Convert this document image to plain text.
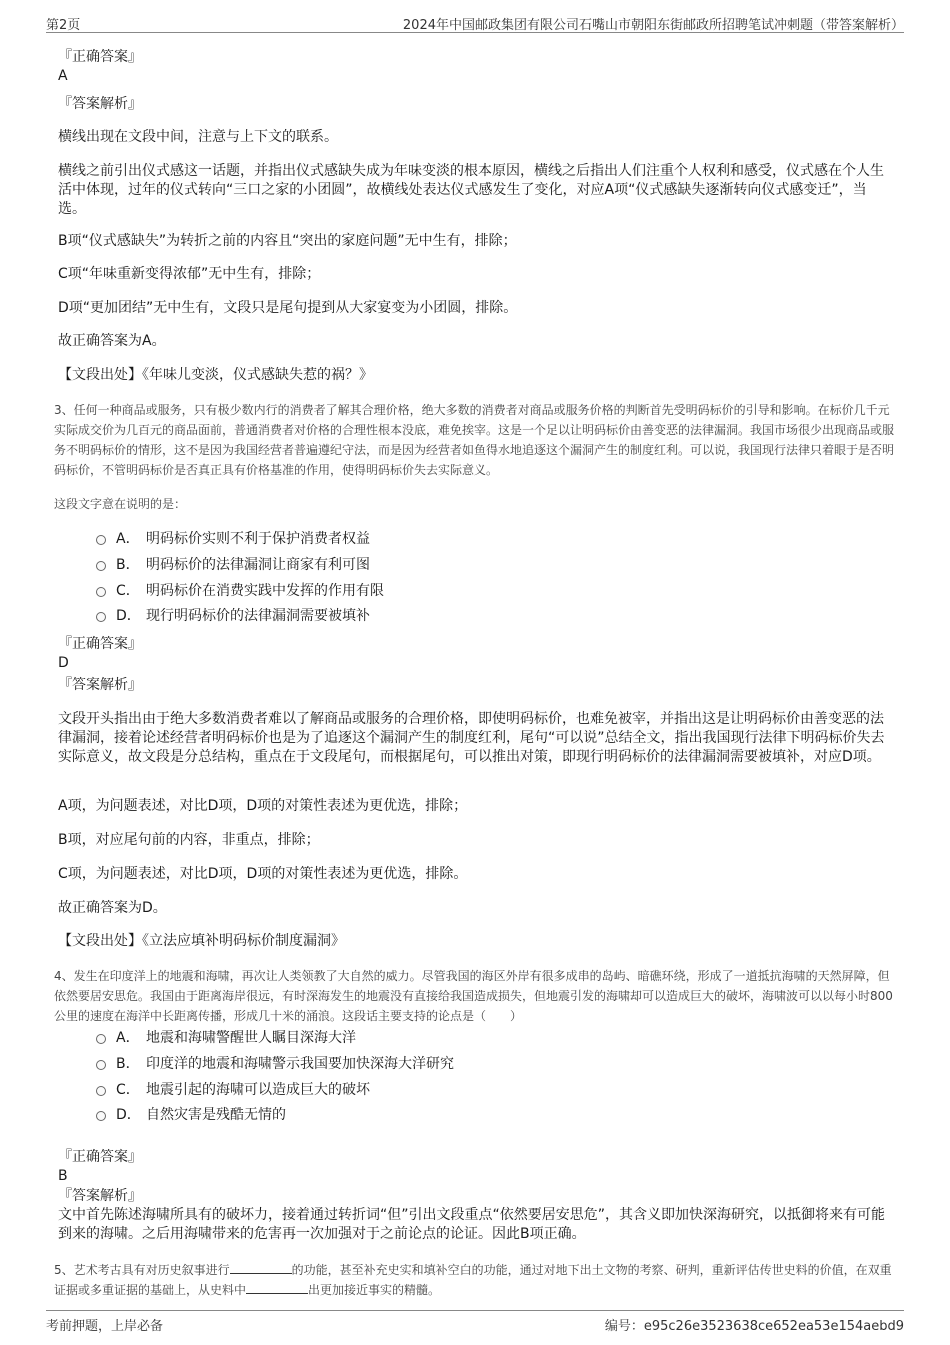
第2页	2024年中国邮政集团有限公司石嘴山市朝阳东街邮政所招聘笔试冲刺题（带答案解析）
『正确答案』
A
『答案解析』
横线出现在文段中间，注意与上下文的联系。
横线之前引出仪式感这一话题，并指出仪式感缺失成为年味变淡的根本原因，横线之后指出人们注重个人权利和感受，仪式感在个人生活中体现，过年的仪式转向“三口之家的小团圆”，故横线处表达仪式感发生了变化，对应A项“仪式感缺失逐渐转向仪式感变迁”，当选。
B项“仪式感缺失”为转折之前的内容且“突出的家庭问题”无中生有，排除；
C项“年味重新变得浓郁”无中生有，排除；
D项“更加团结”无中生有，文段只是尾句提到从大家宴变为小团圆，排除。
故正确答案为A。
【文段出处】《年味儿变淡，仪式感缺失惹的祸？》
3、任何一种商品或服务，只有极少数内行的消费者了解其合理价格，绝大多数的消费者对商品或服务价格的判断首先受明码标价的引导和影响。在标价几千元实际成交价为几百元的商品面前，普通消费者对价格的合理性根本没底，难免挨宰。这是一个足以让明码标价由善变恶的法律漏洞。我国市场很少出现商品或服务不明码标价的情形，这不是因为我国经营者普遍遵纪守法，而是因为经营者如鱼得水地追逐这个漏洞产生的制度红利。可以说，我国现行法律只着眼于是否明码标价，不管明码标价是否真正具有价格基准的作用，使得明码标价失去实际意义。
这段文字意在说明的是：
A． 明码标价实则不利于保护消费者权益
B． 明码标价的法律漏洞让商家有利可图
C． 明码标价在消费实践中发挥的作用有限
D． 现行明码标价的法律漏洞需要被填补
『正确答案』
D
『答案解析』
文段开头指出由于绝大多数消费者难以了解商品或服务的合理价格，即使明码标价，也难免被宰，并指出这是让明码标价由善变恶的法律漏洞，接着论述经营者明码标价也是为了追逐这个漏洞产生的制度红利，尾句“可以说”总结全文，指出我国现行法律下明码标价失去实际意义，故文段是分总结构，重点在于文段尾句，而根据尾句，可以推出对策，即现行明码标价的法律漏洞需要被填补，对应D项。
A项，为问题表述，对比D项，D项的对策性表述为更优选，排除；
B项，对应尾句前的内容，非重点，排除；
C项，为问题表述，对比D项，D项的对策性表述为更优选，排除。
故正确答案为D。
【文段出处】《立法应填补明码标价制度漏洞》
4、发生在印度洋上的地震和海啸，再次让人类领教了大自然的威力。尽管我国的海区外岸有很多成串的岛屿、暗礁环绕，形成了一道抵抗海啸的天然屏障，但依然要居安思危。我国由于距离海岸很远，有时深海发生的地震没有直接给我国造成损失，但地震引发的海啸却可以造成巨大的破坏，海啸波可以以每小时800公里的速度在海洋中长距离传播，形成几十米的涌浪。这段话主要支持的论点是（　　）
A． 地震和海啸警醒世人瞩目深海大洋
B． 印度洋的地震和海啸警示我国要加快深海大洋研究
C． 地震引起的海啸可以造成巨大的破坏
D． 自然灾害是残酷无情的
『正确答案』
B
『答案解析』
文中首先陈述海啸所具有的破坏力，接着通过转折词“但”引出文段重点“依然要居安思危”，其含义即加快深海研究，以抵御将来有可能到来的海啸。之后用海啸带来的危害再一次加强对于之前论点的论证。因此B项正确。
5、艺术考古具有对历史叙事进行	的功能，甚至补充史实和填补空白的功能，通过对地下出土文物的考察、研判，重新评估传世史料的价值，在双重证据或多重证据的基础上，从史料中	出更加接近事实的精髓。
考前押题，上岸必备	编号：e95c26e3523638ce652ea53e154aebd9
